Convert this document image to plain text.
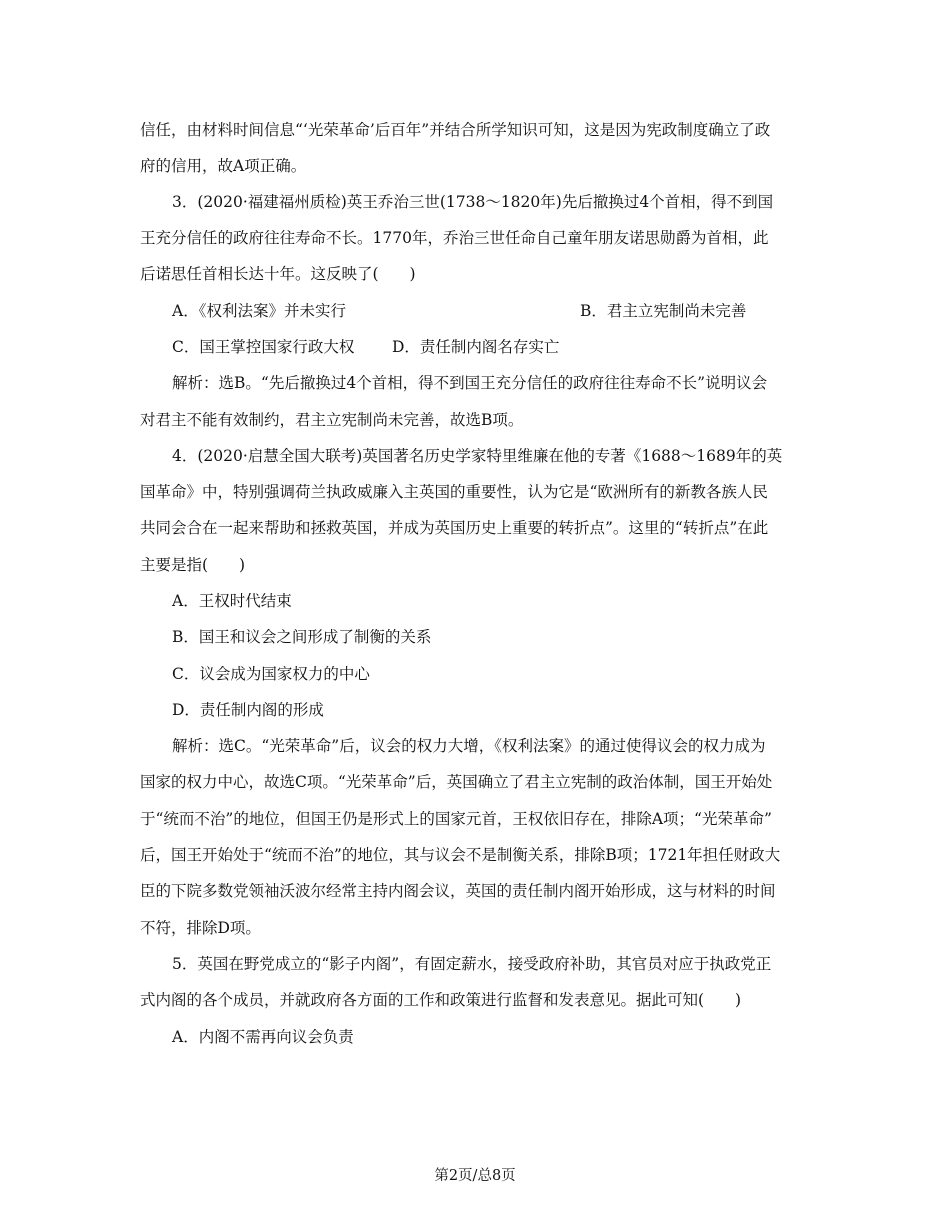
信任，由材料时间信息“‘光荣革命’后百年”并结合所学知识可知，这是因为宪政制度确立了政
府的信用，故A项正确。
3．(2020·福建福州质检)英王乔治三世(1738～1820年)先后撤换过4个首相，得不到国
王充分信任的政府往往寿命不长。1770年，乔治三世任命自己童年朋友诺思勋爵为首相，此
后诺思任首相长达十年。这反映了(　　)
A．《权利法案》并未实行	B．君主立宪制尚未完善
C．国王掌控国家行政大权	D．责任制内阁名存实亡
解析：选B。“先后撤换过4个首相，得不到国王充分信任的政府往往寿命不长”说明议会
对君主不能有效制约，君主立宪制尚未完善，故选B项。
4．(2020·启慧全国大联考)英国著名历史学家特里维廉在他的专著《1688～1689年的英
国革命》中，特别强调荷兰执政威廉入主英国的重要性，认为它是“欧洲所有的新教各族人民
共同会合在一起来帮助和拯救英国，并成为英国历史上重要的转折点”。这里的“转折点”在此
主要是指(　　)
A．王权时代结束
B．国王和议会之间形成了制衡的关系
C．议会成为国家权力的中心
D．责任制内阁的形成
解析：选C。“光荣革命”后，议会的权力大增，《权利法案》的通过使得议会的权力成为
国家的权力中心，故选C项。“光荣革命”后，英国确立了君主立宪制的政治体制，国王开始处
于“统而不治”的地位，但国王仍是形式上的国家元首，王权依旧存在，排除A项；“光荣革命”
后，国王开始处于“统而不治”的地位，其与议会不是制衡关系，排除B项；1721年担任财政大
臣的下院多数党领袖沃波尔经常主持内阁会议，英国的责任制内阁开始形成，这与材料的时间
不符，排除D项。
5．英国在野党成立的“影子内阁”，有固定薪水，接受政府补助，其官员对应于执政党正
式内阁的各个成员，并就政府各方面的工作和政策进行监督和发表意见。据此可知(　　)
A．内阁不需再向议会负责
第2页/总8页
